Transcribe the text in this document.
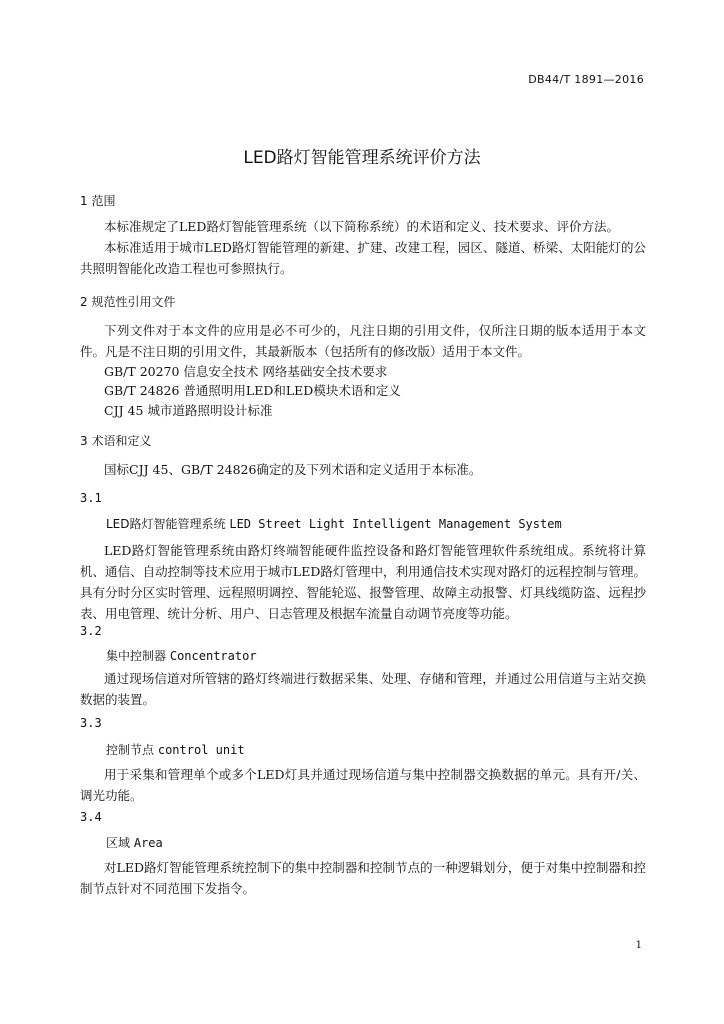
DB44/T 1891—2016
LED路灯智能管理系统评价方法
1 范围
本标准规定了LED路灯智能管理系统（以下简称系统）的术语和定义、技术要求、评价方法。
本标准适用于城市LED路灯智能管理的新建、扩建、改建工程，园区、隧道、桥梁、太阳能灯的公共照明智能化改造工程也可参照执行。
2 规范性引用文件
下列文件对于本文件的应用是必不可少的，凡注日期的引用文件，仅所注日期的版本适用于本文件。凡是不注日期的引用文件，其最新版本（包括所有的修改版）适用于本文件。
GB/T 20270 信息安全技术 网络基础安全技术要求
GB/T 24826 普通照明用LED和LED模块术语和定义
CJJ 45 城市道路照明设计标准
3 术语和定义
国标CJJ 45、GB/T 24826确定的及下列术语和定义适用于本标准。
3.1
LED路灯智能管理系统 LED Street Light Intelligent Management System
LED路灯智能管理系统由路灯终端智能硬件监控设备和路灯智能管理软件系统组成。系统将计算机、通信、自动控制等技术应用于城市LED路灯管理中，利用通信技术实现对路灯的远程控制与管理。具有分时分区实时管理、远程照明调控、智能轮巡、报警管理、故障主动报警、灯具线缆防盗、远程抄表、用电管理、统计分析、用户、日志管理及根据车流量自动调节亮度等功能。
3.2
集中控制器 Concentrator
通过现场信道对所管辖的路灯终端进行数据采集、处理、存储和管理，并通过公用信道与主站交换数据的装置。
3.3
控制节点 control unit
用于采集和管理单个或多个LED灯具并通过现场信道与集中控制器交换数据的单元。具有开/关、调光功能。
3.4
区域 Area
对LED路灯智能管理系统控制下的集中控制器和控制节点的一种逻辑划分，便于对集中控制器和控制节点针对不同范围下发指令。
1
